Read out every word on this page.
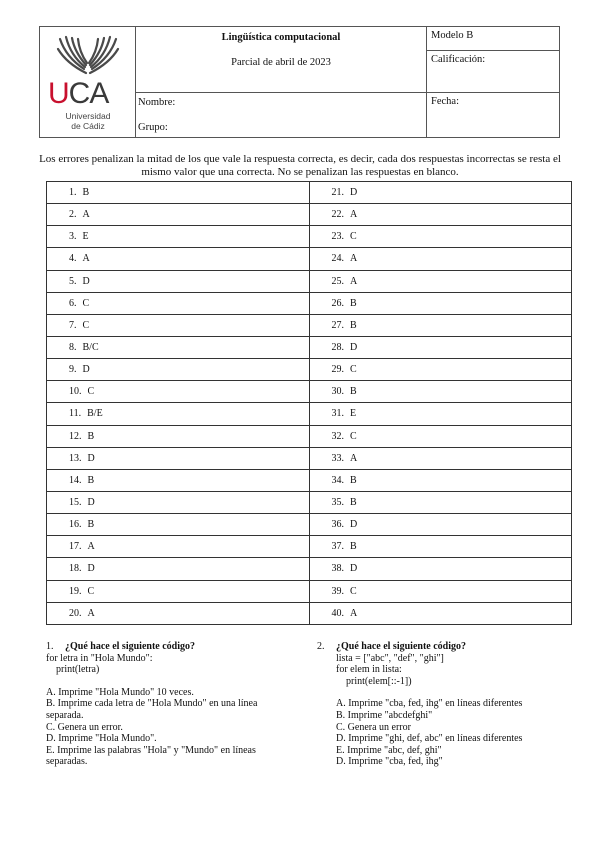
UCA
Universidad
de Cádiz
Lingüística computacional
Parcial de abril de 2023
Modelo B
Calificación:
Nombre:
Grupo:
Fecha:
Los errores penalizan la mitad de los que vale la respuesta correcta, es decir, cada dos respuestas incorrectas se resta el mismo valor que una correcta. No se penalizan las respuestas en blanco.
1. B	21. D
2. A	22. A
3. E	23. C
4. A	24. A
5. D	25. A
6. C	26. B
7. C	27. B
8. B/C	28. D
9. D	29. C
10. C	30. B
11. B/E	31. E
12. B	32. C
13. D	33. A
14. B	34. B
15. D	35. B
16. B	36. D
17. A	37. B
18. D	38. D
19. C	39. C
20. A	40. A
1.	¿Qué hace el siguiente código?
for letra in "Hola Mundo":
print(letra)
A. Imprime "Hola Mundo" 10 veces.
B. Imprime cada letra de "Hola Mundo" en una línea separada.
C. Genera un error.
D. Imprime "Hola Mundo".
E. Imprime las palabras "Hola" y "Mundo" en líneas separadas.
2.	¿Qué hace el siguiente código?
lista = ["abc", "def", "ghi"]
for elem in lista:
print(elem[::-1])
A. Imprime "cba, fed, ihg" en líneas diferentes
B. Imprime "abcdefghi"
C. Genera un error
D. Imprime "ghi, def, abc" en líneas diferentes
E. Imprime "abc, def, ghi"
D. Imprime "cba, fed, ihg"
